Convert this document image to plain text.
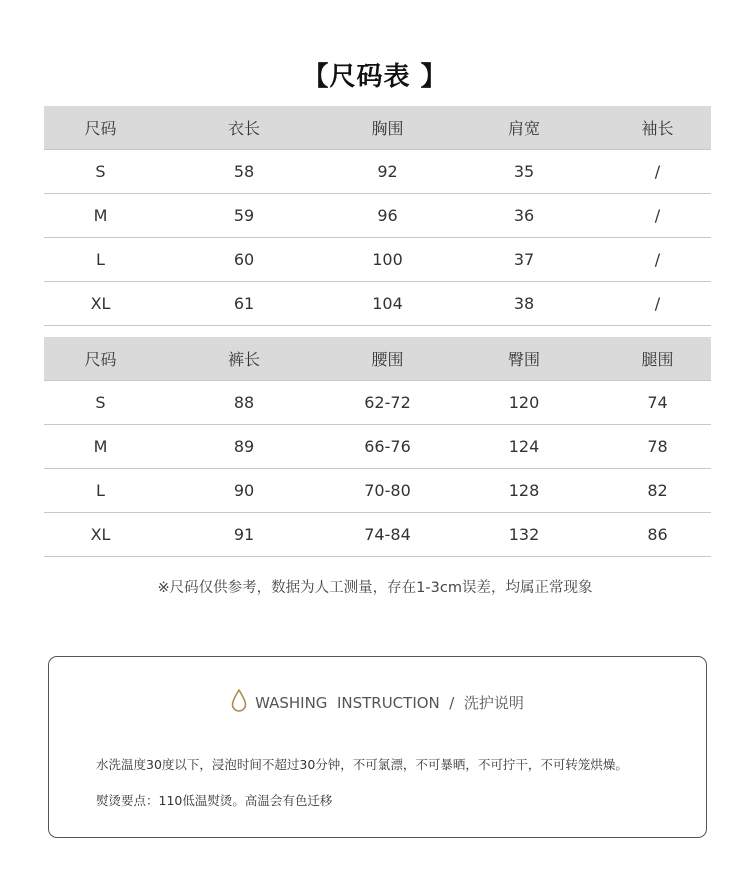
【尺码表 】
尺码	衣长	胸围	肩宽	袖长
S	58	92	35	/
M	59	96	36	/
L	60	100	37	/
XL	61	104	38	/
尺码	裤长	腰围	臀围	腿围
S	88	62-72	120	74
M	89	66-76	124	78
L	90	70-80	128	82
XL	91	74-84	132	86
※尺码仅供参考，数据为人工测量，存在1-3cm误差，均属正常现象
WASHING  INSTRUCTION  /  洗护说明
水洗温度30度以下，浸泡时间不超过30分钟，不可氯漂，不可暴晒，不可拧干，不可转笼烘燥。
熨烫要点：110低温熨烫。高温会有色迁移
